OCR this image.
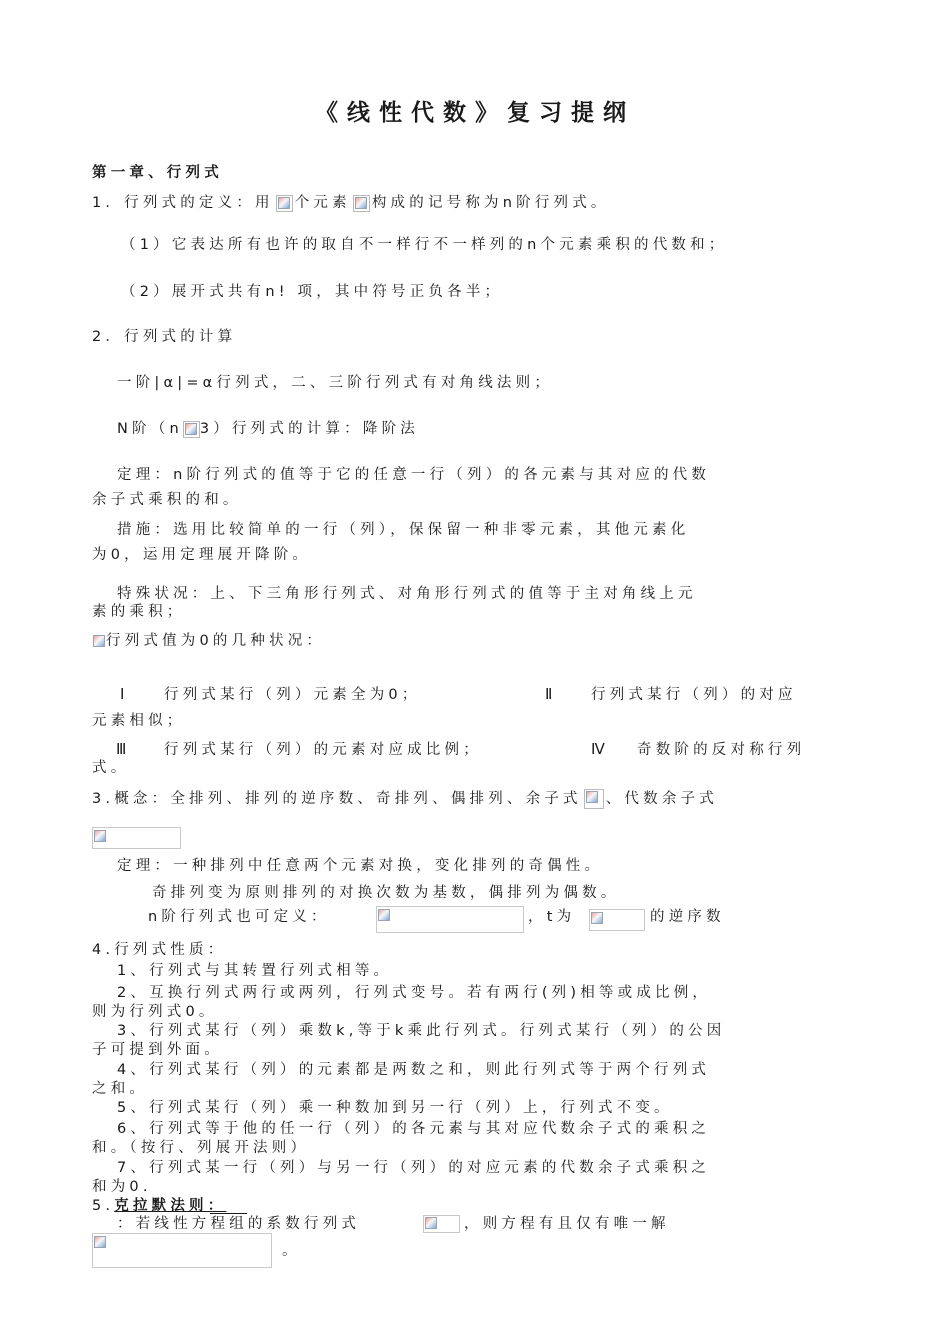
《线性代数》复习提纲
第一章、行列式
1．行列式的定义：用 个元素 构成的记号称为n阶行列式。
（1）它表达所有也许的取自不一样行不一样列的n个元素乘积的代数和；
（2）展开式共有n! 项，其中符号正负各半；
2．行列式的计算
一阶|α|=α行列式，二、三阶行列式有对角线法则；
N阶（n 3）行列式的计算：降阶法
定理：n阶行列式的值等于它的任意一行（列）的各元素与其对应的代数
余子式乘积的和。
措施：选用比较简单的一行（列），保保留一种非零元素，其他元素化
为0，运用定理展开降阶。
特殊状况：上、下三角形行列式、对角形行列式的值等于主对角线上元
素的乘积；
行列式值为0的几种状况：
Ⅰ 行列式某行（列）元素全为0；	Ⅱ 行列式某行（列）的对应
元素相似；
Ⅲ 行列式某行（列）的元素对应成比例；	Ⅳ 奇数阶的反对称行列
式。
3.概念：全排列、排列的逆序数、奇排列、偶排列、余子式 、代数余子式
定理：一种排列中任意两个元素对换，变化排列的奇偶性。
奇排列变为原则排列的对换次数为基数，偶排列为偶数。
n阶行列式也可定义：	，t为	的逆序数
4.行列式性质：
1、行列式与其转置行列式相等。
2、互换行列式两行或两列，行列式变号。若有两行(列)相等或成比例，
则为行列式0。
3、行列式某行（列）乘数k,等于k乘此行列式。行列式某行（列）的公因
子可提到外面。
4、行列式某行（列）的元素都是两数之和，则此行列式等于两个行列式
之和。
5、行列式某行（列）乘一种数加到另一行（列）上，行列式不变。
6、行列式等于他的任一行（列）的各元素与其对应代数余子式的乘积之
和。（按行、列展开法则）
7、行列式某一行（列）与另一行（列）的对应元素的代数余子式乘积之
和为0.
5.克拉默法则：
：若线性方程组的系数行列式	，则方程有且仅有唯一解
。
